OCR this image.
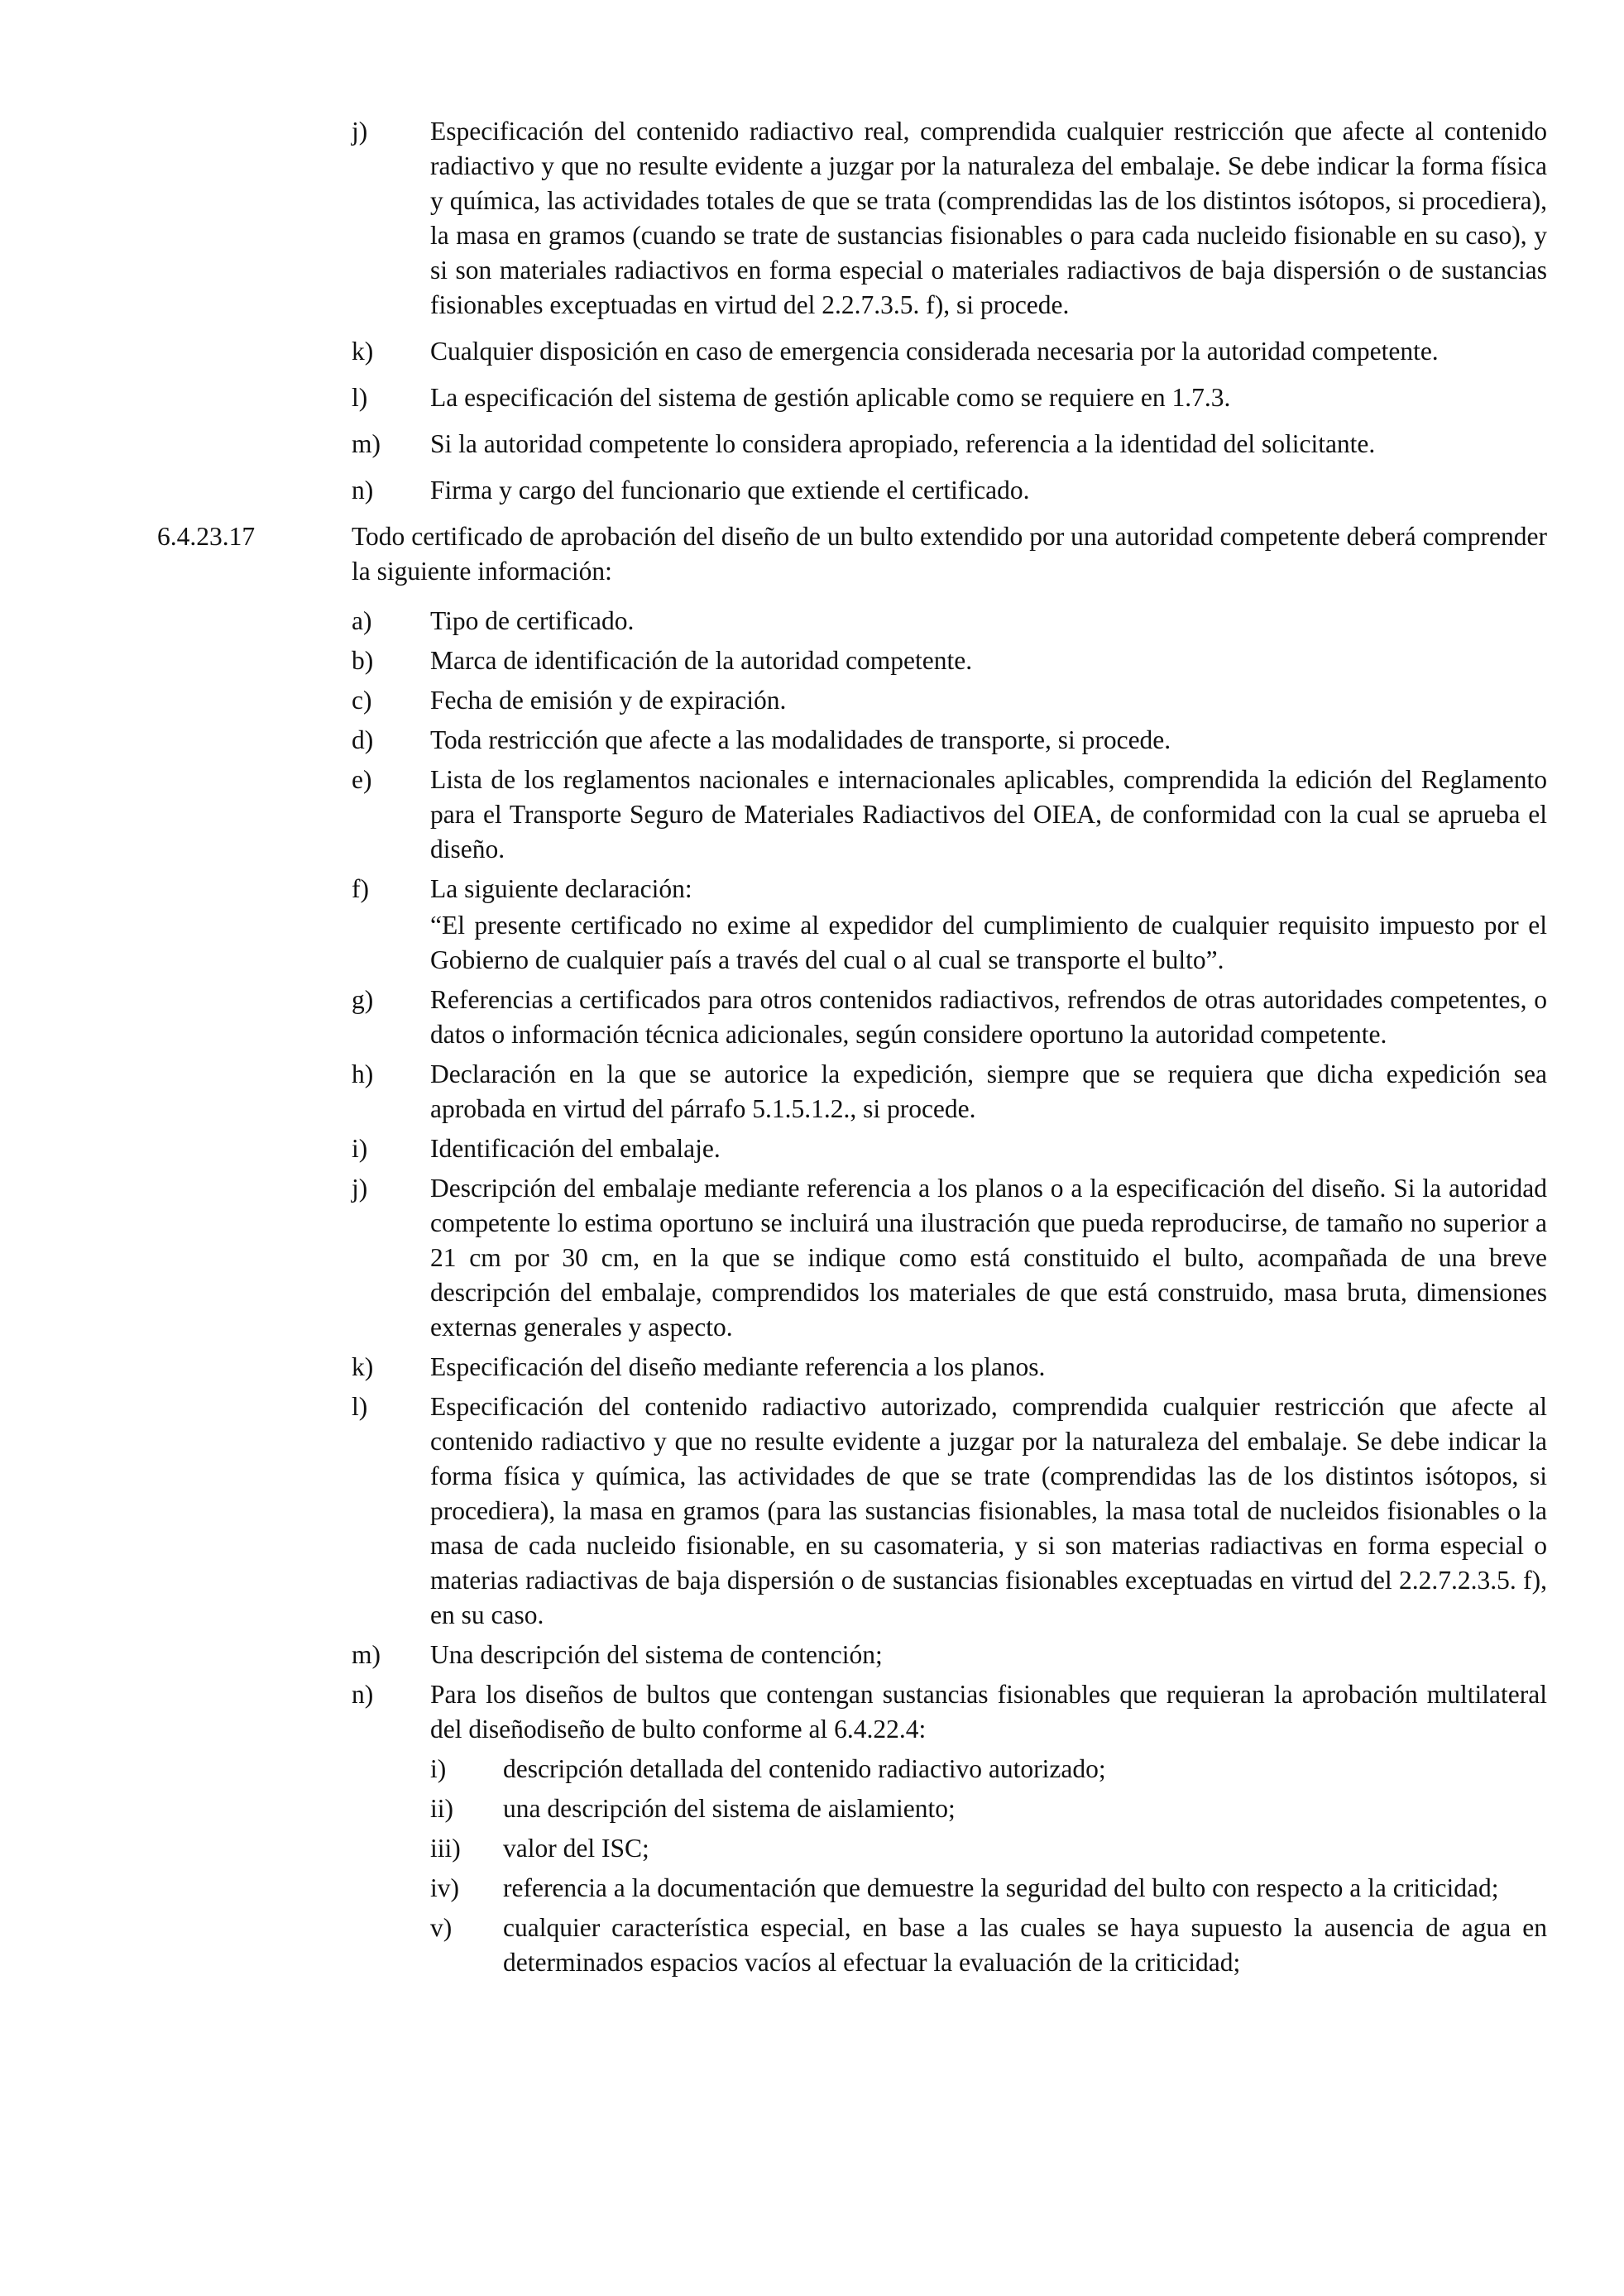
j)	Especificación del contenido radiactivo real, comprendida cualquier restricción que afecte al contenido radiactivo y que no resulte evidente a juzgar por la naturaleza del embalaje. Se debe indicar la forma física y química, las actividades totales de que se trata (comprendidas las de los distintos isótopos, si procediera), la masa en gramos (cuando se trate de sustancias fisionables o para cada nucleido fisionable en su caso), y si son materiales radiactivos en forma especial o materiales radiactivos de baja dispersión o de sustancias fisionables exceptuadas en virtud del 2.2.7.3.5. f), si procede.
k)	Cualquier disposición en caso de emergencia considerada necesaria por la autoridad competente.
l)	La especificación del sistema de gestión aplicable como se requiere en 1.7.3.
m)	Si la autoridad competente lo considera apropiado, referencia a la identidad del solicitante.
n)	Firma y cargo del funcionario que extiende el certificado.
6.4.23.17	Todo certificado de aprobación del diseño de un bulto extendido por una autoridad competente deberá comprender la siguiente información:
a)	Tipo de certificado.
b)	Marca de identificación de la autoridad competente.
c)	Fecha de emisión y de expiración.
d)	Toda restricción que afecte a las modalidades de transporte, si procede.
e)	Lista de los reglamentos nacionales e internacionales aplicables, comprendida la edición del Reglamento para el Transporte Seguro de Materiales Radiactivos del OIEA, de conformidad con la cual se aprueba el diseño.
f)	La siguiente declaración:
“El presente certificado no exime al expedidor del cumplimiento de cualquier requisito impuesto por el Gobierno de cualquier país a través del cual o al cual se transporte el bulto”.
g)	Referencias a certificados para otros contenidos radiactivos, refrendos de otras autoridades competentes, o datos o información técnica adicionales, según considere oportuno la autoridad competente.
h)	Declaración en la que se autorice la expedición, siempre que se requiera que dicha expedición sea aprobada en virtud del párrafo 5.1.5.1.2., si procede.
i)	Identificación del embalaje.
j)	Descripción del embalaje mediante referencia a los planos o a la especificación del diseño. Si la autoridad competente lo estima oportuno se incluirá una ilustración que pueda reproducirse, de tamaño no superior a 21 cm por 30 cm, en la que se indique como está constituido el bulto, acompañada de una breve descripción del embalaje, comprendidos los materiales de que está construido, masa bruta, dimensiones externas generales y aspecto.
k)	Especificación del diseño mediante referencia a los planos.
l)	Especificación del contenido radiactivo autorizado, comprendida cualquier restricción que afecte al contenido radiactivo y que no resulte evidente a juzgar por la naturaleza del embalaje. Se debe indicar la forma física y química, las actividades de que se trate (comprendidas las de los distintos isótopos, si procediera), la masa en gramos (para las sustancias fisionables, la masa total de nucleidos fisionables o la masa de cada nucleido fisionable, en su casomateria, y si son materias radiactivas en forma especial o materias radiactivas de baja dispersión o de sustancias fisionables exceptuadas en virtud del 2.2.7.2.3.5. f), en su caso.
m)	Una descripción del sistema de contención;
n)	Para los diseños de bultos que contengan sustancias fisionables que requieran la aprobación multilateral del diseñodiseño de bulto conforme al 6.4.22.4:
i)	descripción detallada del contenido radiactivo autorizado;
ii)	una descripción del sistema de aislamiento;
iii)	valor del ISC;
iv)	referencia a la documentación que demuestre la seguridad del bulto con respecto a la criticidad;
v)	cualquier característica especial, en base a las cuales se haya supuesto la ausencia de agua en determinados espacios vacíos al efectuar la evaluación de la criticidad;
